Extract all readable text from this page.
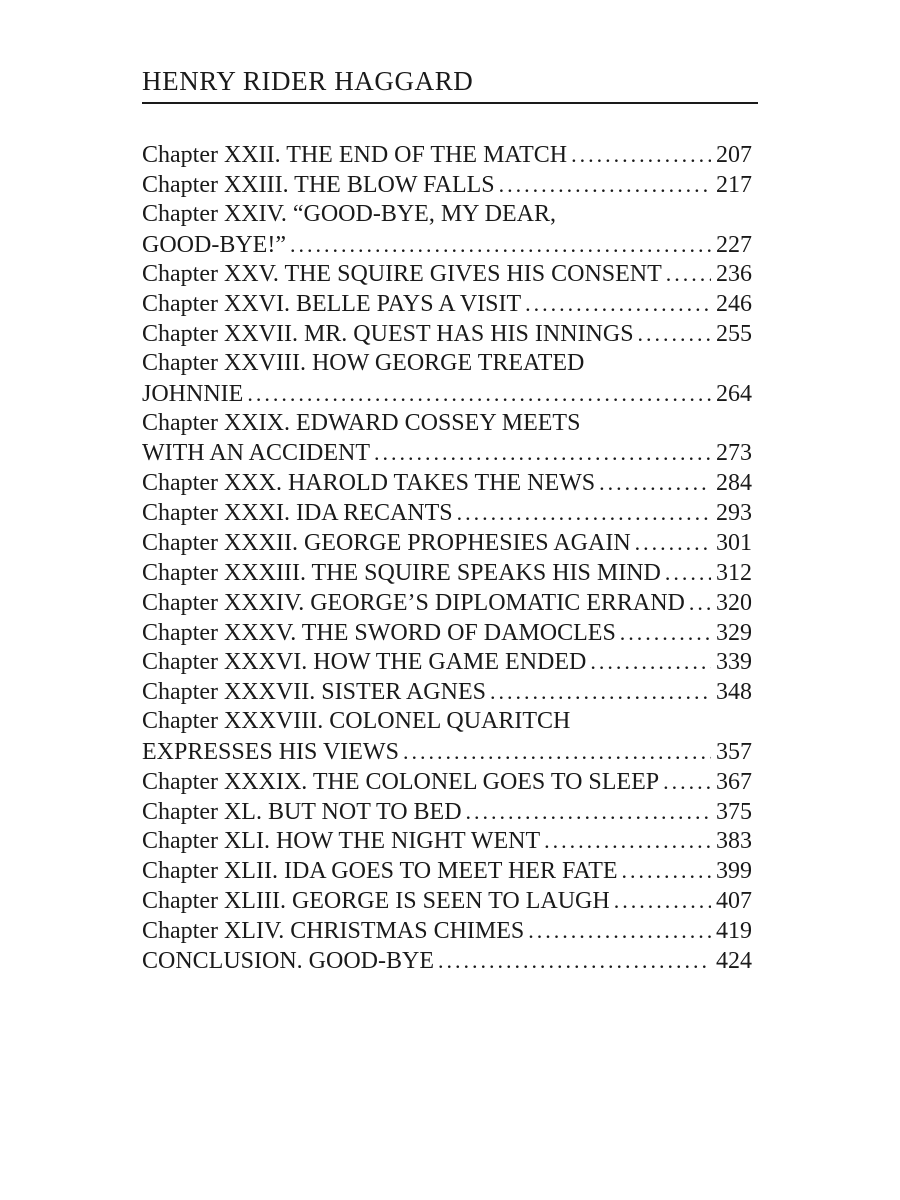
HENRY RIDER HAGGARD
Chapter XXII. THE END OF THE MATCH .....	207
Chapter XXIII. THE BLOW FALLS .....	217
Chapter XXIV. “GOOD-BYE, MY DEAR,
GOOD-BYE!” .....	227
Chapter XXV. THE SQUIRE GIVES HIS CONSENT ..... 236
Chapter XXVI. BELLE PAYS A VISIT .....	246
Chapter XXVII. MR. QUEST HAS HIS INNINGS .....	255
Chapter XXVIII. HOW GEORGE TREATED
JOHNNIE .....	264
Chapter XXIX. EDWARD COSSEY MEETS
WITH AN ACCIDENT .....	273
Chapter XXX. HAROLD TAKES THE NEWS .....	284
Chapter XXXI. IDA RECANTS .....	293
Chapter XXXII. GEORGE PROPHESIES AGAIN .....	301
Chapter XXXIII. THE SQUIRE SPEAKS HIS MIND ..... 312
Chapter XXXIV. GEORGE’S DIPLOMATIC ERRAND ..... 320
Chapter XXXV. THE SWORD OF DAMOCLES .....	329
Chapter XXXVI. HOW THE GAME ENDED .....	339
Chapter XXXVII. SISTER AGNES .....	348
Chapter XXXVIII. COLONEL QUARITCH
EXPRESSES HIS VIEWS .....	357
Chapter XXXIX. THE COLONEL GOES TO SLEEP ..... 367
Chapter XL. BUT NOT TO BED .....	375
Chapter XLI. HOW THE NIGHT WENT .....	383
Chapter XLII. IDA GOES TO MEET HER FATE .....	399
Chapter XLIII. GEORGE IS SEEN TO LAUGH .....	407
Chapter XLIV. CHRISTMAS CHIMES .....	419
CONCLUSION. GOOD-BYE .....	424
